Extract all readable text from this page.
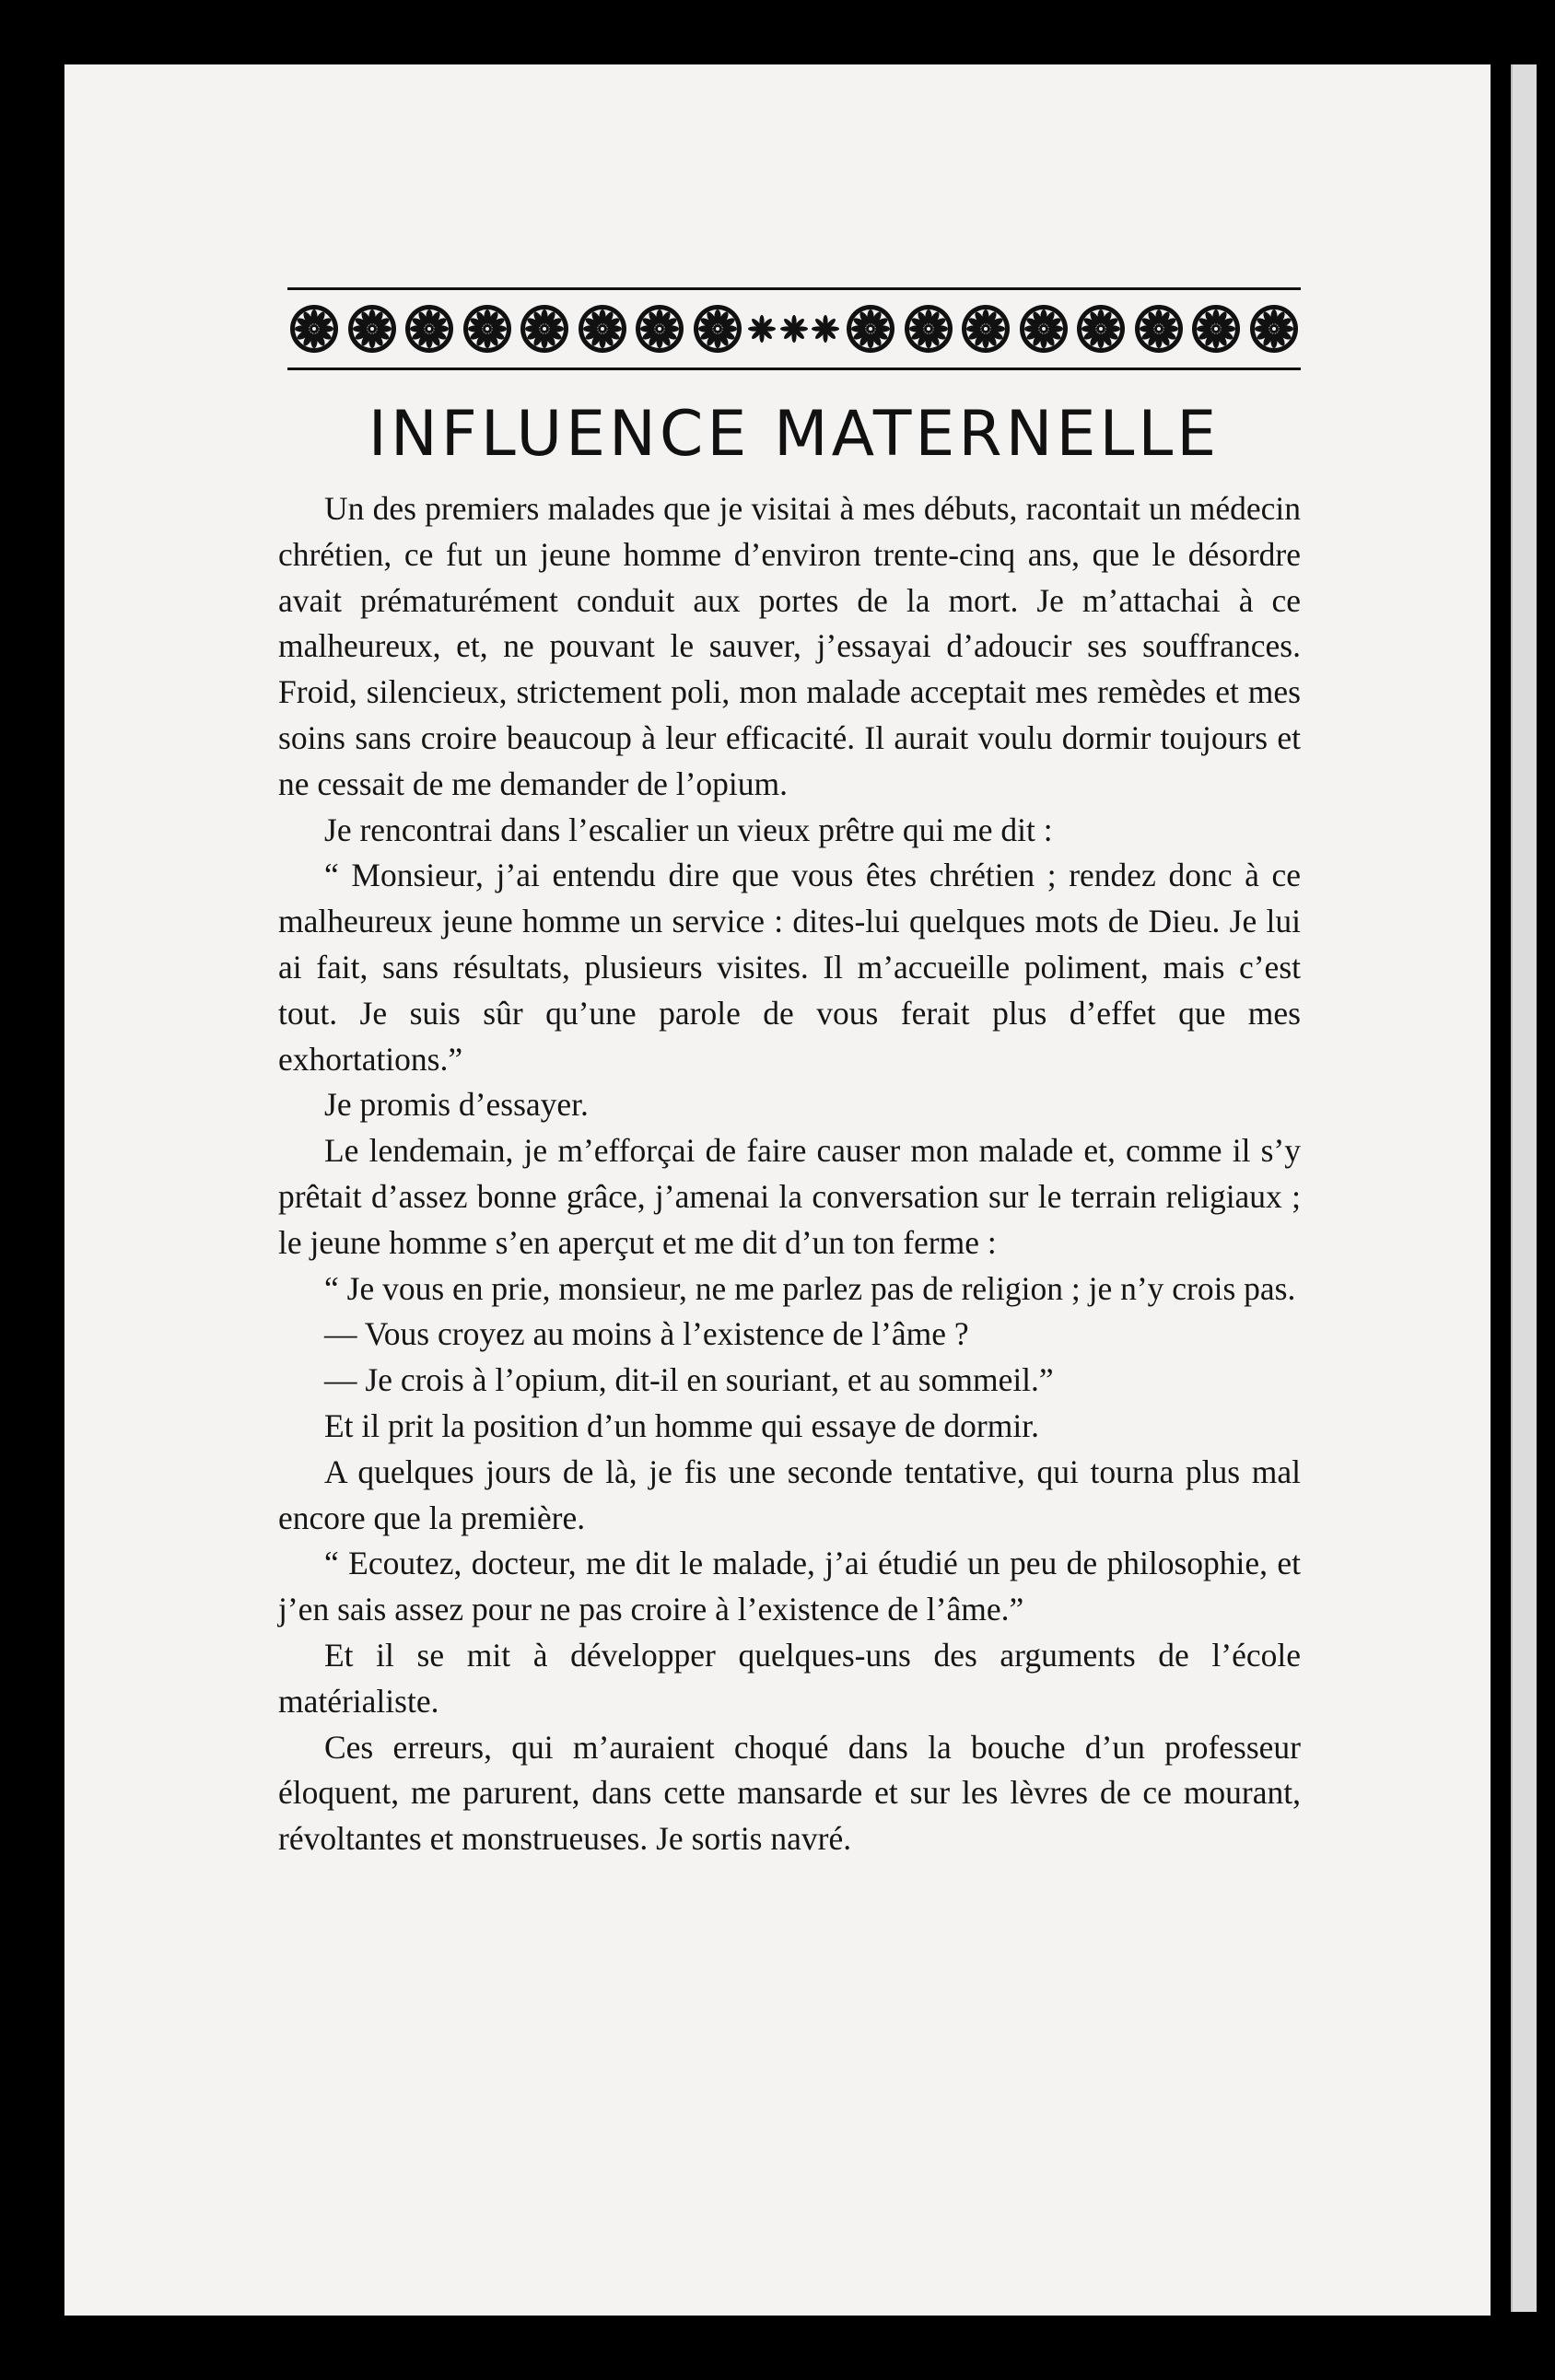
INFLUENCE MATERNELLE

Un des premiers malades que je visitai à mes débuts, racontait un médecin chrétien, ce fut un jeune homme d’environ trente-cinq ans, que le désordre avait prématurément conduit aux portes de la mort. Je m’attachai à ce malheureux, et, ne pouvant le sauver, j’essayai d’adoucir ses souffrances. Froid, silencieux, strictement poli, mon malade acceptait mes remèdes et mes soins sans croire beaucoup à leur efficacité. Il aurait voulu dormir toujours et ne cessait de me demander de l’opium.

Je rencontrai dans l’escalier un vieux prêtre qui me dit :

“ Monsieur, j’ai entendu dire que vous êtes chrétien ; rendez donc à ce malheureux jeune homme un service : dites-lui quelques mots de Dieu. Je lui ai fait, sans résultats, plusieurs visites. Il m’accueille poliment, mais c’est tout. Je suis sûr qu’une parole de vous ferait plus d’effet que mes exhortations.”

Je promis d’essayer.

Le lendemain, je m’efforçai de faire causer mon malade et, comme il s’y prêtait d’assez bonne grâce, j’amenai la conversation sur le terrain religiaux ; le jeune homme s’en aperçut et me dit d’un ton ferme :

“ Je vous en prie, monsieur, ne me parlez pas de religion ; je n’y crois pas.

— Vous croyez au moins à l’existence de l’âme ?

— Je crois à l’opium, dit-il en souriant, et au sommeil.”

Et il prit la position d’un homme qui essaye de dormir.

A quelques jours de là, je fis une seconde tentative, qui tourna plus mal encore que la première.

“ Ecoutez, docteur, me dit le malade, j’ai étudié un peu de philosophie, et j’en sais assez pour ne pas croire à l’existence de l’âme.”

Et il se mit à développer quelques-uns des arguments de l’école matérialiste.

Ces erreurs, qui m’auraient choqué dans la bouche d’un professeur éloquent, me parurent, dans cette mansarde et sur les lèvres de ce mourant, révoltantes et monstrueuses. Je sortis navré.
